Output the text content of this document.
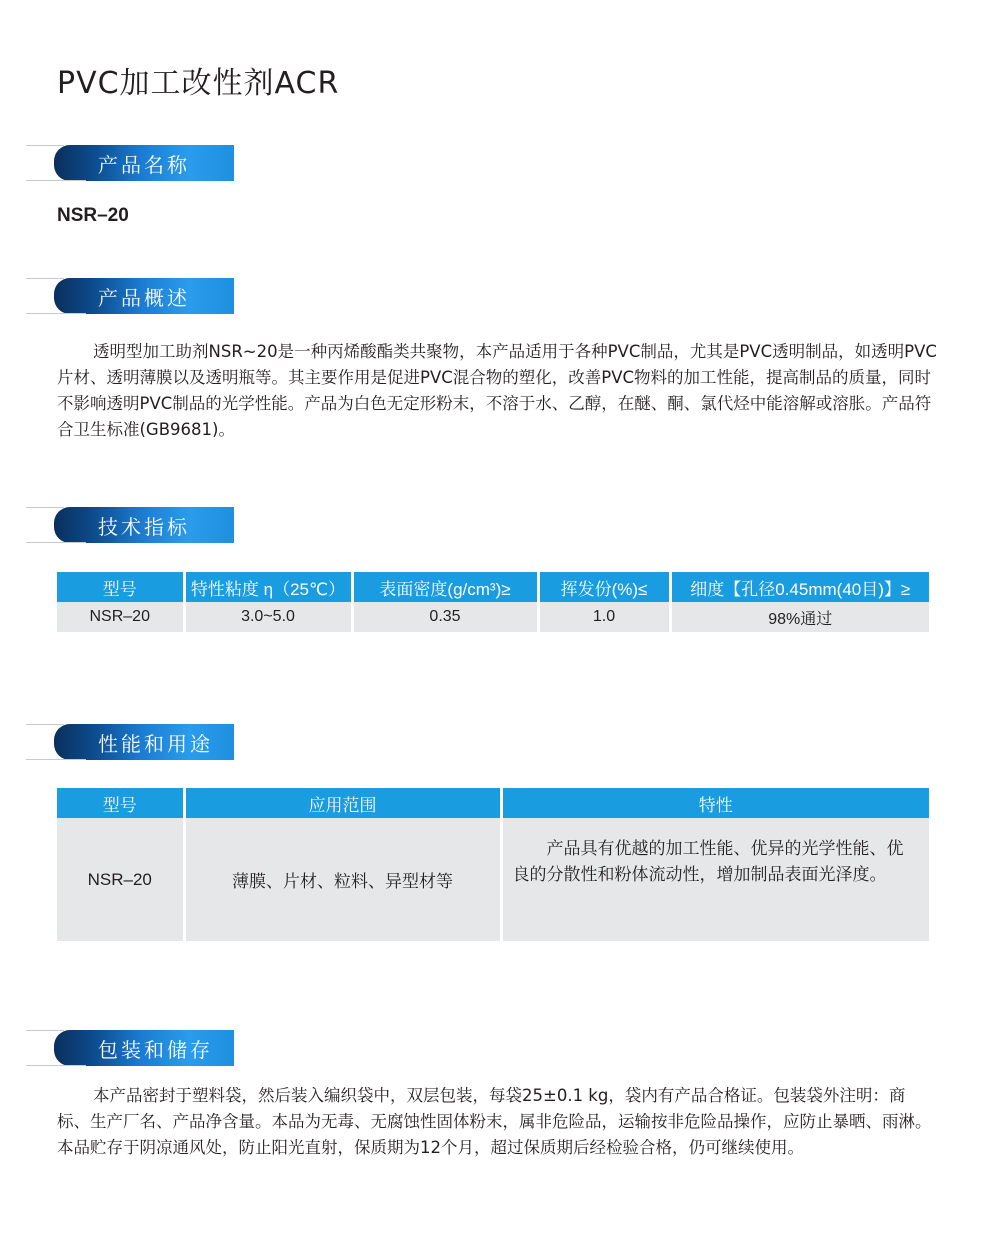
PVC加工改性剂ACR
产品名称
NSR–20
产品概述
透明型加工助剂NSR~20是一种丙烯酸酯类共聚物，本产品适用于各种PVC制品，尤其是PVC透明制品，如透明PVC片材、透明薄膜以及透明瓶等。其主要作用是促进PVC混合物的塑化，改善PVC物料的加工性能，提高制品的质量，同时不影响透明PVC制品的光学性能。产品为白色无定形粉末，不溶于水、乙醇，在醚、酮、氯代烃中能溶解或溶胀。产品符合卫生标准(GB9681)。
技术指标
型号	特性粘度 η（25℃）	表面密度(g/cm³)≥	挥发份(%)≤	细度【孔径0.45mm(40目)】≥
NSR–20	3.0~5.0	0.35	1.0	98%通过
性能和用途
型号	应用范围	特性
NSR–20	薄膜、片材、粒料、异型材等	产品具有优越的加工性能、优异的光学性能、优良的分散性和粉体流动性，增加制品表面光泽度。
包装和储存
本产品密封于塑料袋，然后装入编织袋中，双层包装，每袋25±0.1 kg，袋内有产品合格证。包装袋外注明：商标、生产厂名、产品净含量。本品为无毒、无腐蚀性固体粉末，属非危险品，运输按非危险品操作，应防止暴晒、雨淋。本品贮存于阴凉通风处，防止阳光直射，保质期为12个月，超过保质期后经检验合格，仍可继续使用。
